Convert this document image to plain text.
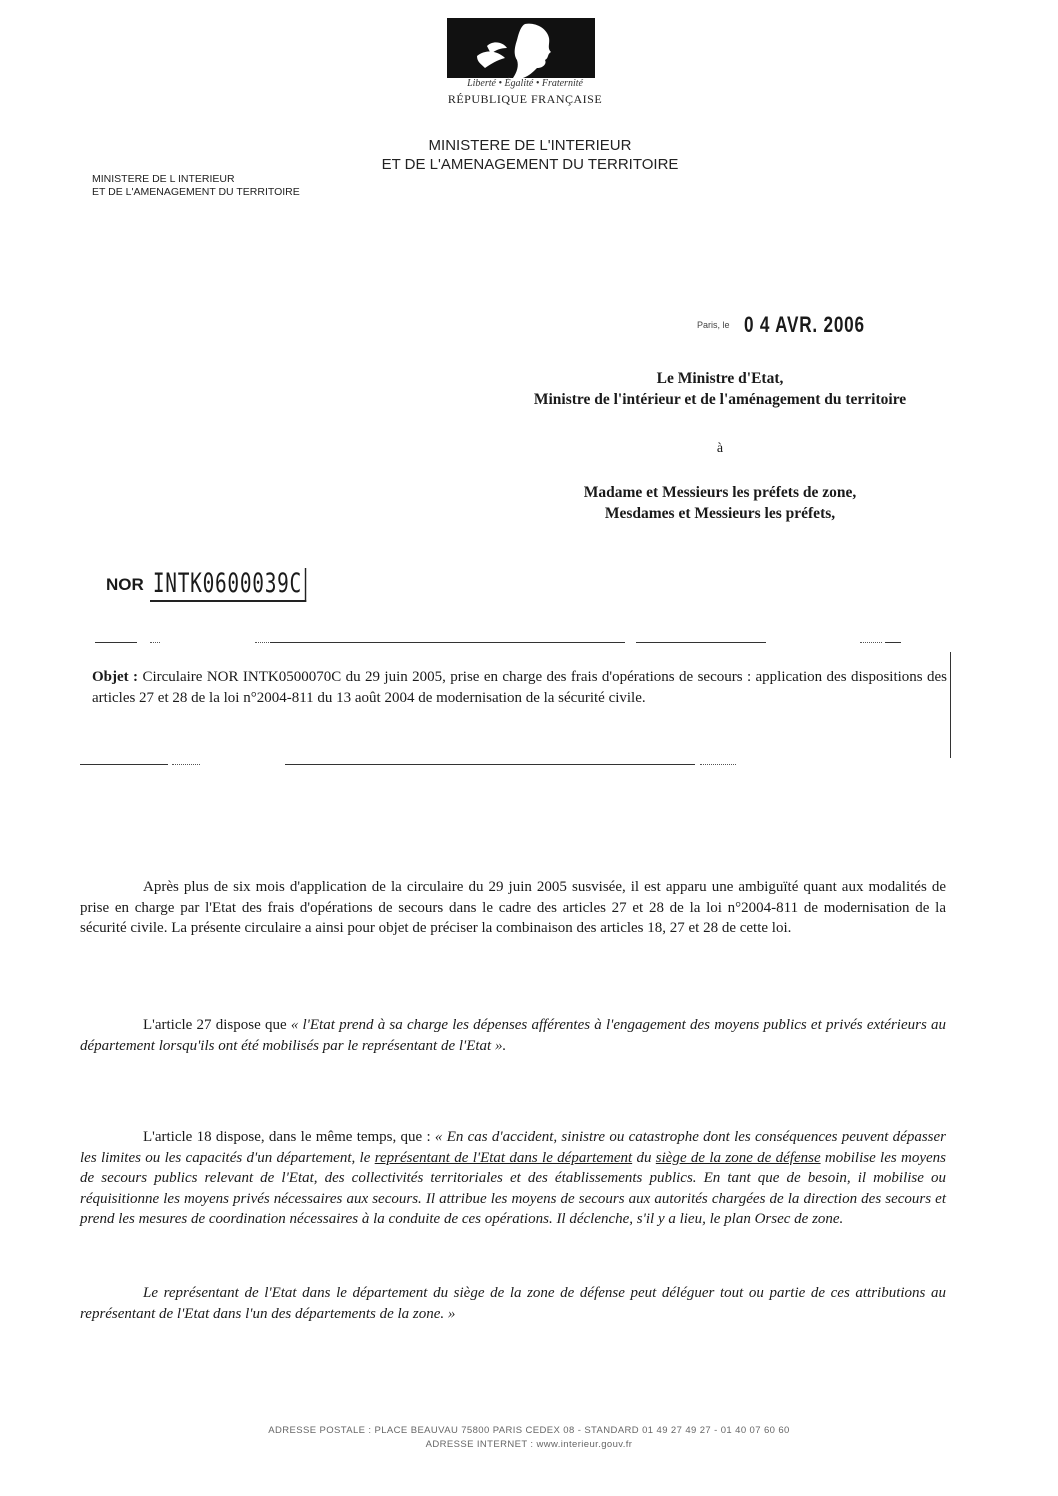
Liberté • Égalité • Fraternité
RÉPUBLIQUE FRANÇAISE
MINISTERE DE L'INTERIEUR
ET DE L'AMENAGEMENT DU TERRITOIRE
MINISTERE DE L INTERIEUR
ET DE L'AMENAGEMENT DU TERRITOIRE
Paris, le 0 4 AVR. 2006
Le Ministre d'Etat,
Ministre de l'intérieur et de l'aménagement du territoire
à
Madame et Messieurs les préfets de zone,
Mesdames et Messieurs les préfets,
NOR INTK0600039C
Objet : Circulaire NOR INTK0500070C du 29 juin 2005, prise en charge des frais d'opérations de secours : application des dispositions des articles 27 et 28 de la loi n°2004-811 du 13 août 2004 de modernisation de la sécurité civile.
Après plus de six mois d'application de la circulaire du 29 juin 2005 susvisée, il est apparu une ambiguïté quant aux modalités de prise en charge par l'Etat des frais d'opérations de secours dans le cadre des articles 27 et 28 de la loi n°2004-811 de modernisation de la sécurité civile. La présente circulaire a ainsi pour objet de préciser la combinaison des articles 18, 27 et 28 de cette loi.
L'article 27 dispose que « l'Etat prend à sa charge les dépenses afférentes à l'engagement des moyens publics et privés extérieurs au département lorsqu'ils ont été mobilisés par le représentant de l'Etat ».
L'article 18 dispose, dans le même temps, que : « En cas d'accident, sinistre ou catastrophe dont les conséquences peuvent dépasser les limites ou les capacités d'un département, le représentant de l'Etat dans le département du siège de la zone de défense mobilise les moyens de secours publics relevant de l'Etat, des collectivités territoriales et des établissements publics. En tant que de besoin, il mobilise ou réquisitionne les moyens privés nécessaires aux secours. Il attribue les moyens de secours aux autorités chargées de la direction des secours et prend les mesures de coordination nécessaires à la conduite de ces opérations. Il déclenche, s'il y a lieu, le plan Orsec de zone.
Le représentant de l'Etat dans le département du siège de la zone de défense peut déléguer tout ou partie de ces attributions au représentant de l'Etat dans l'un des départements de la zone. »
ADRESSE POSTALE : PLACE BEAUVAU 75800 PARIS CEDEX 08 - STANDARD 01 49 27 49 27 - 01 40 07 60 60
ADRESSE INTERNET : www.interieur.gouv.fr
